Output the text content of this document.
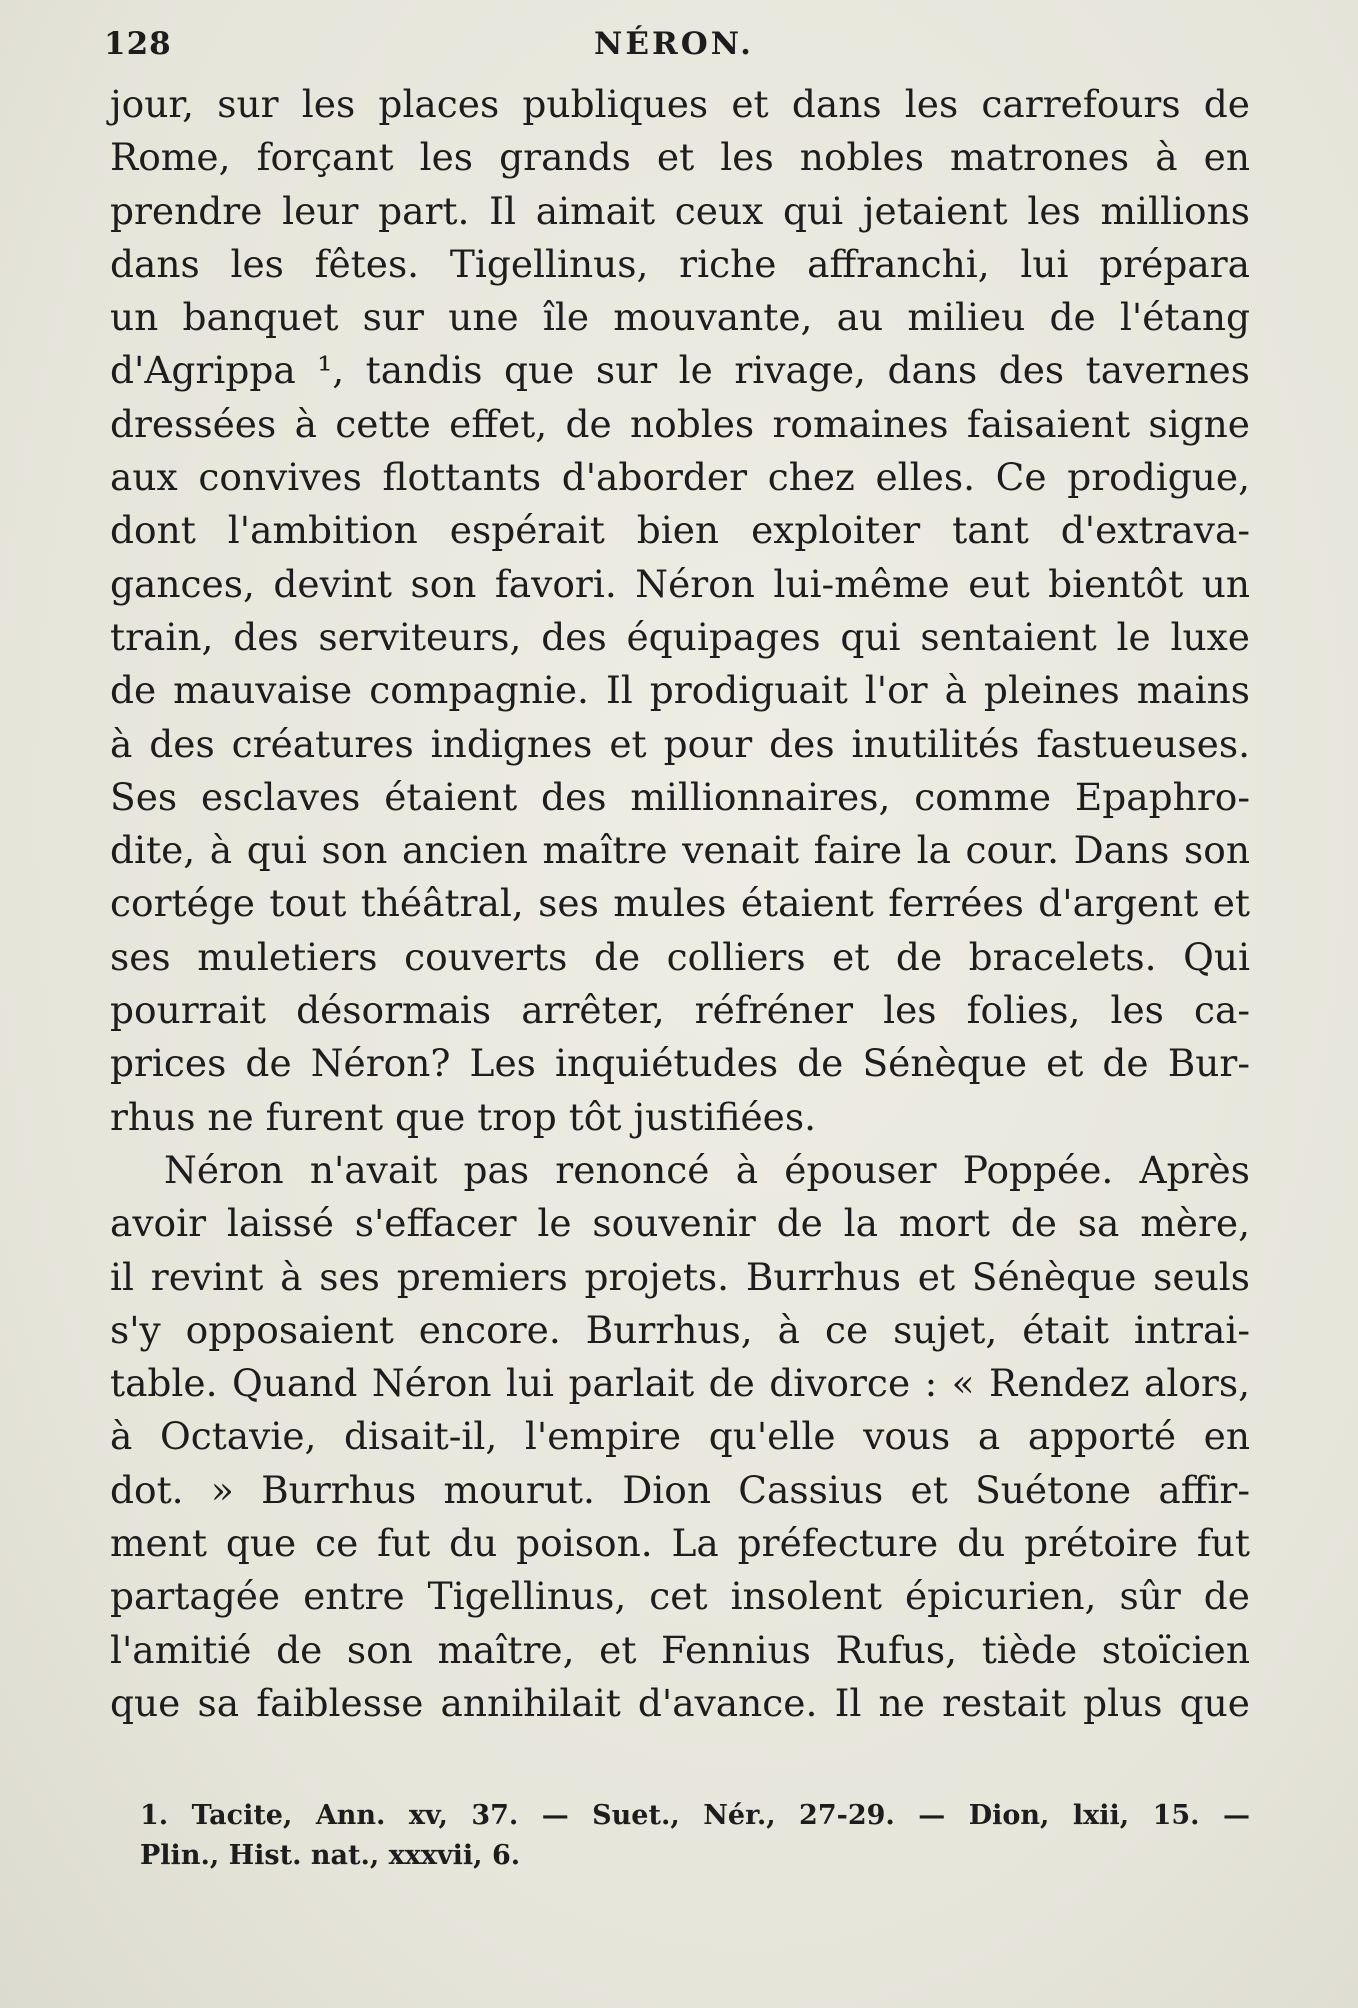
128	NÉRON.

jour, sur les places publiques et dans les carrefours de
Rome, forçant les grands et les nobles matrones à en
prendre leur part. Il aimait ceux qui jetaient les millions
dans les fêtes. Tigellinus, riche affranchi, lui prépara
un banquet sur une île mouvante, au milieu de l'étang
d'Agrippa ¹, tandis que sur le rivage, dans des tavernes
dressées à cette effet, de nobles romaines faisaient signe
aux convives flottants d'aborder chez elles. Ce prodigue,
dont l'ambition espérait bien exploiter tant d'extrava-
gances, devint son favori. Néron lui-même eut bientôt un
train, des serviteurs, des équipages qui sentaient le luxe
de mauvaise compagnie. Il prodiguait l'or à pleines mains
à des créatures indignes et pour des inutilités fastueuses.
Ses esclaves étaient des millionnaires, comme Epaphro-
dite, à qui son ancien maître venait faire la cour. Dans son
cortége tout théâtral, ses mules étaient ferrées d'argent et
ses muletiers couverts de colliers et de bracelets. Qui
pourrait désormais arrêter, réfréner les folies, les ca-
prices de Néron? Les inquiétudes de Sénèque et de Bur-
rhus ne furent que trop tôt justifiées.

Néron n'avait pas renoncé à épouser Poppée. Après
avoir laissé s'effacer le souvenir de la mort de sa mère,
il revint à ses premiers projets. Burrhus et Sénèque seuls
s'y opposaient encore. Burrhus, à ce sujet, était intrai-
table. Quand Néron lui parlait de divorce : « Rendez alors,
à Octavie, disait-il, l'empire qu'elle vous a apporté en
dot. » Burrhus mourut. Dion Cassius et Suétone affir-
ment que ce fut du poison. La préfecture du prétoire fut
partagée entre Tigellinus, cet insolent épicurien, sûr de
l'amitié de son maître, et Fennius Rufus, tiède stoïcien
que sa faiblesse annihilait d'avance. Il ne restait plus que

1. Tacite, Ann. xv, 37. — Suet., Nér., 27-29. — Dion, lxii, 15. —
Plin., Hist. nat., xxxvii, 6.
